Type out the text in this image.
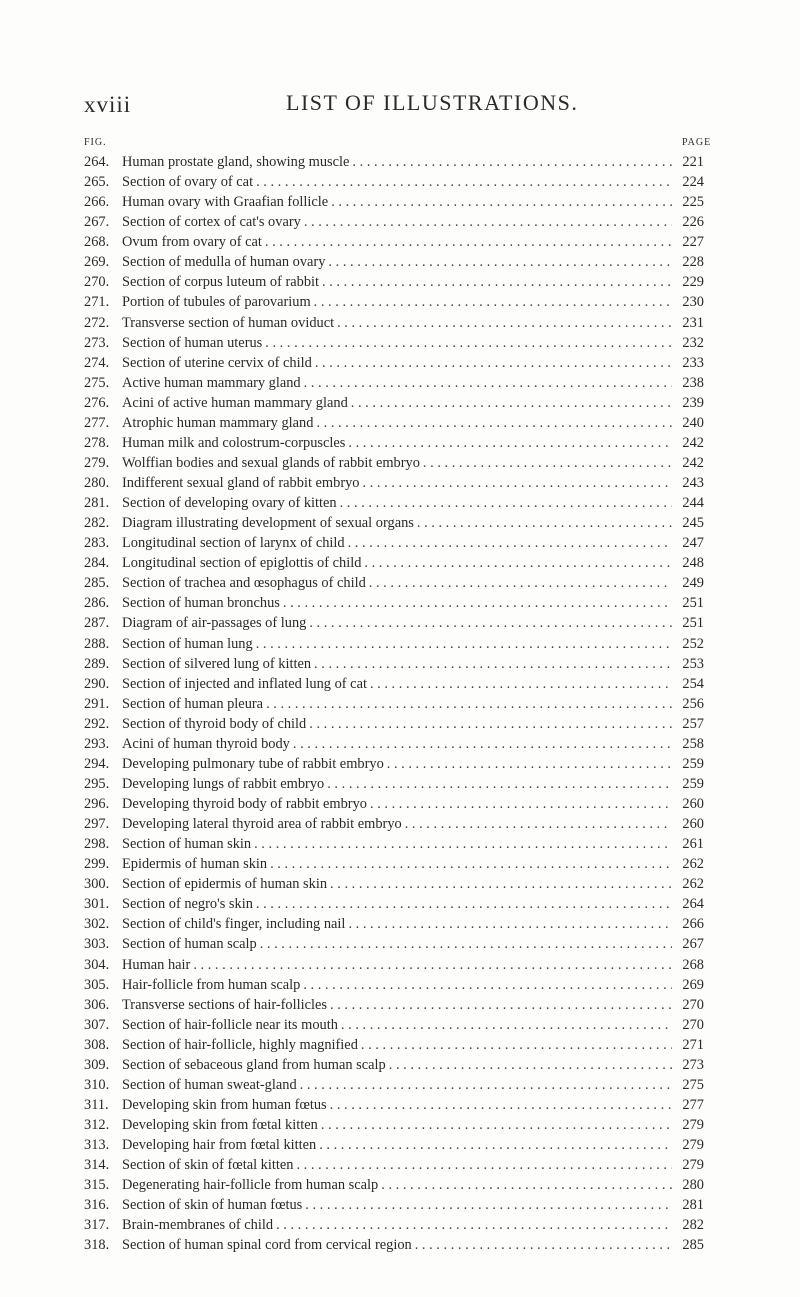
xviii	LIST OF ILLUSTRATIONS.
FIG.	PAGE
264. Human prostate gland, showing muscle . . .	221
265. Section of ovary of cat . . .	224
266. Human ovary with Graafian follicle . . .	225
267. Section of cortex of cat's ovary . . .	226
268. Ovum from ovary of cat . . .	227
269. Section of medulla of human ovary . . .	228
270. Section of corpus luteum of rabbit . . .	229
271. Portion of tubules of parovarium . . .	230
272. Transverse section of human oviduct . . .	231
273. Section of human uterus . . .	232
274. Section of uterine cervix of child . . .	233
275. Active human mammary gland . . .	238
276. Acini of active human mammary gland . . .	239
277. Atrophic human mammary gland . . .	240
278. Human milk and colostrum-corpuscles . . .	242
279. Wolffian bodies and sexual glands of rabbit embryo . . .	242
280. Indifferent sexual gland of rabbit embryo . . .	243
281. Section of developing ovary of kitten . . .	244
282. Diagram illustrating development of sexual organs . . .	245
283. Longitudinal section of larynx of child . . .	247
284. Longitudinal section of epiglottis of child . . .	248
285. Section of trachea and œsophagus of child . . .	249
286. Section of human bronchus . . .	251
287. Diagram of air-passages of lung . . .	251
288. Section of human lung . . .	252
289. Section of silvered lung of kitten . . .	253
290. Section of injected and inflated lung of cat . . .	254
291. Section of human pleura . . .	256
292. Section of thyroid body of child . . .	257
293. Acini of human thyroid body . . .	258
294. Developing pulmonary tube of rabbit embryo . . .	259
295. Developing lungs of rabbit embryo . . .	259
296. Developing thyroid body of rabbit embryo . . .	260
297. Developing lateral thyroid area of rabbit embryo . . .	260
298. Section of human skin . . .	261
299. Epidermis of human skin . . .	262
300. Section of epidermis of human skin . . .	262
301. Section of negro's skin . . .	264
302. Section of child's finger, including nail . . .	266
303. Section of human scalp . . .	267
304. Human hair . . .	268
305. Hair-follicle from human scalp . . .	269
306. Transverse sections of hair-follicles . . .	270
307. Section of hair-follicle near its mouth . . .	270
308. Section of hair-follicle, highly magnified . . .	271
309. Section of sebaceous gland from human scalp . . .	273
310. Section of human sweat-gland . . .	275
311. Developing skin from human fœtus . . .	277
312. Developing skin from fœtal kitten . . .	279
313. Developing hair from fœtal kitten . . .	279
314. Section of skin of fœtal kitten . . .	279
315. Degenerating hair-follicle from human scalp . . .	280
316. Section of skin of human fœtus . . .	281
317. Brain-membranes of child . . .	282
318. Section of human spinal cord from cervical region . . .	285
